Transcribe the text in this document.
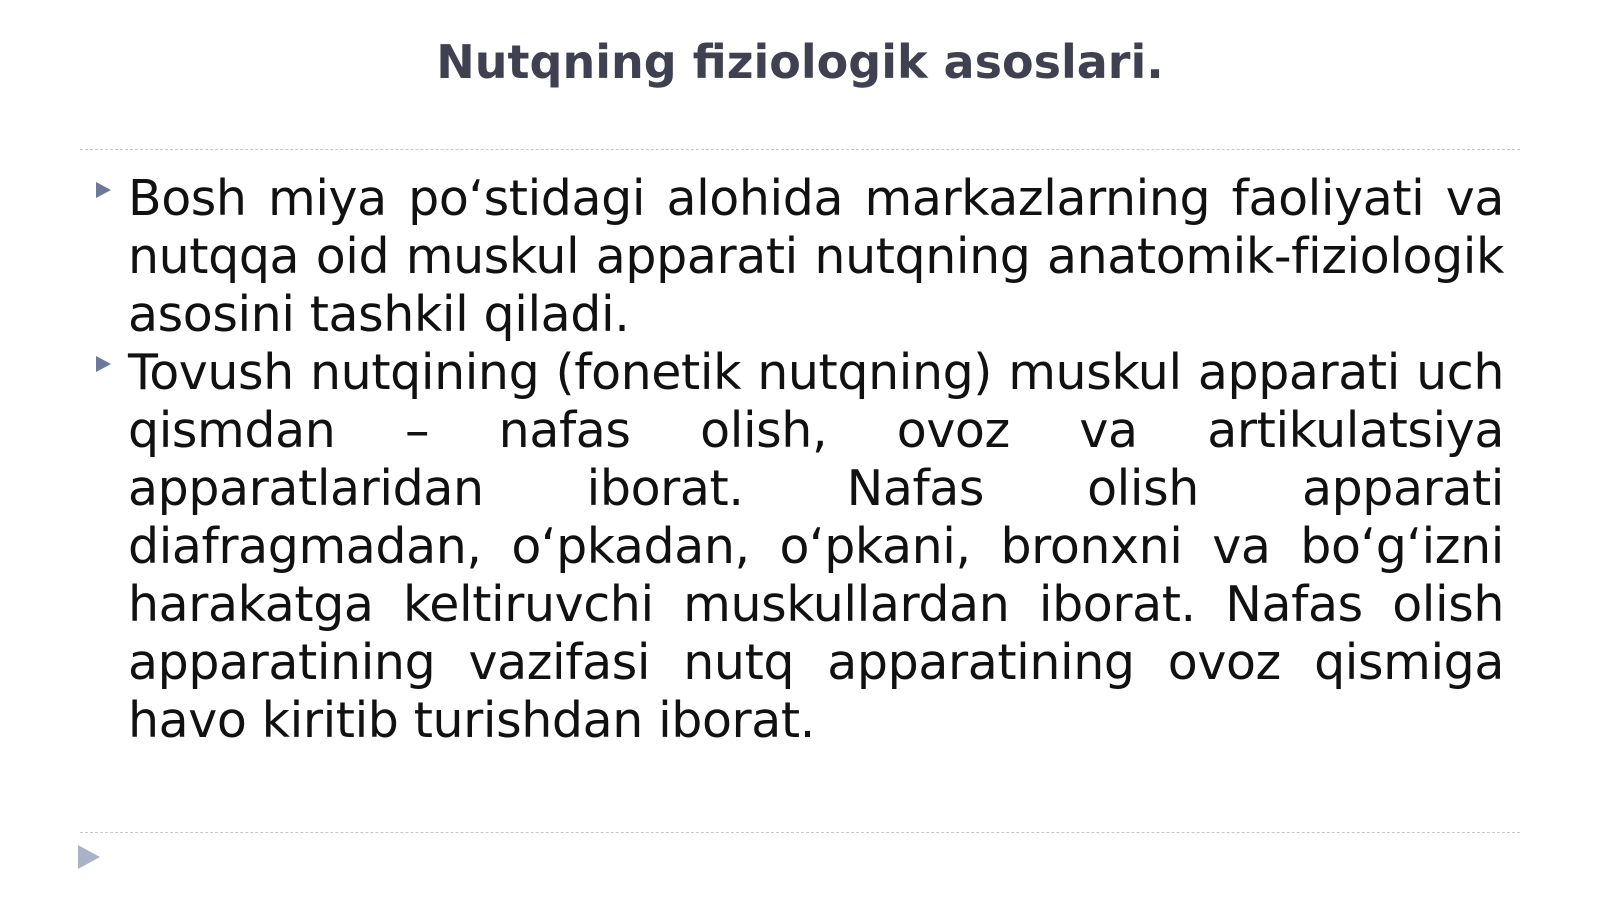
Nutqning fiziologik asoslari.

Bosh miya po‘stidagi alohida markazlarning faoliyati va nutqqa oid muskul apparati nutqning anatomik-fiziologik asosini tashkil qiladi.

Tovush nutqining (fonetik nutqning) muskul apparati uch qismdan – nafas olish, ovoz va artikulatsiya apparatlaridan iborat. Nafas olish apparati diafragmadan, o‘pkadan, o‘pkani, bronxni va bo‘g‘izni harakatga keltiruvchi muskullardan iborat. Nafas olish apparatining vazifasi nutq apparatining ovoz qismiga havo kiritib turishdan iborat.
